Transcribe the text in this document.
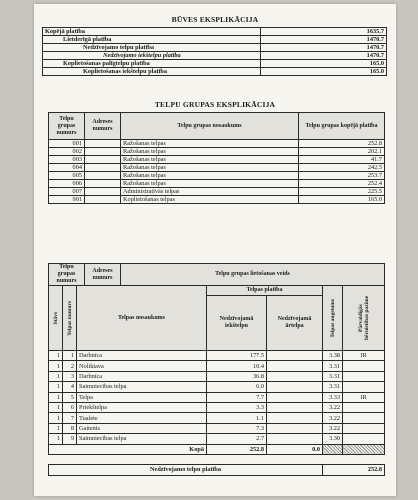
BŪVES EKSPLIKĀCIJA
Kopējā platība	1635.7
Lietderīgā platība	1470.7
Nedzīvojamo telpu platība	1470.7
Nedzīvojamo iekštelpu platība	1470.7
Koplietošanas palīgtelpu platība	165.0
Koplietošanas iekštelpu platība	165.0
TELPU GRUPAS EKSPLIKĀCIJA
Telpu grupas numurs	Adreses numurs	Telpu grupas nosaukums	Telpu grupas kopējā platība
001		Ražošanas telpas	252.8
002		Ražošanas telpas	202.1
003		Ražošanas telpas	41.7
004		Ražošanas telpas	242.5
005		Ražošanas telpas	253.7
006		Ražošanas telpas	252.4
007		Administratīvās telpas	225.5
901		Koplietošanas telpas	165.0
Telpu grupas numurs	Adreses numurs	Telpu grupas lietošanas veids

Stāvs	Telpas numurs	Telpas nosaukums	Telpas platība		Telpas augstums	Pārvaldīgās bērnistības pazīme

			Nedzīvojamā iekštelpu	Nedzīvojamā ārtelpa		
1	1	Darbnīca	177.5		3.38	IR
1	2	Noliktava	10.4		3.31	
1	3	Darbnīca	36.8		3.31	
1	4	Saimniecības telpa	6.0		3.31	
1	5	Telpa	7.7		3.33	IR
1	6	Priekštelpa	3.3		3.22	
1	7	Tualete	1.1		3.22	
1	8	Gaitenis	7.3		3.22	
1	9	Saimniecības telpa	2.7		3.30	
Kopā			252.8	0.0		

Nedzīvojamo telpu platība					252.8	
